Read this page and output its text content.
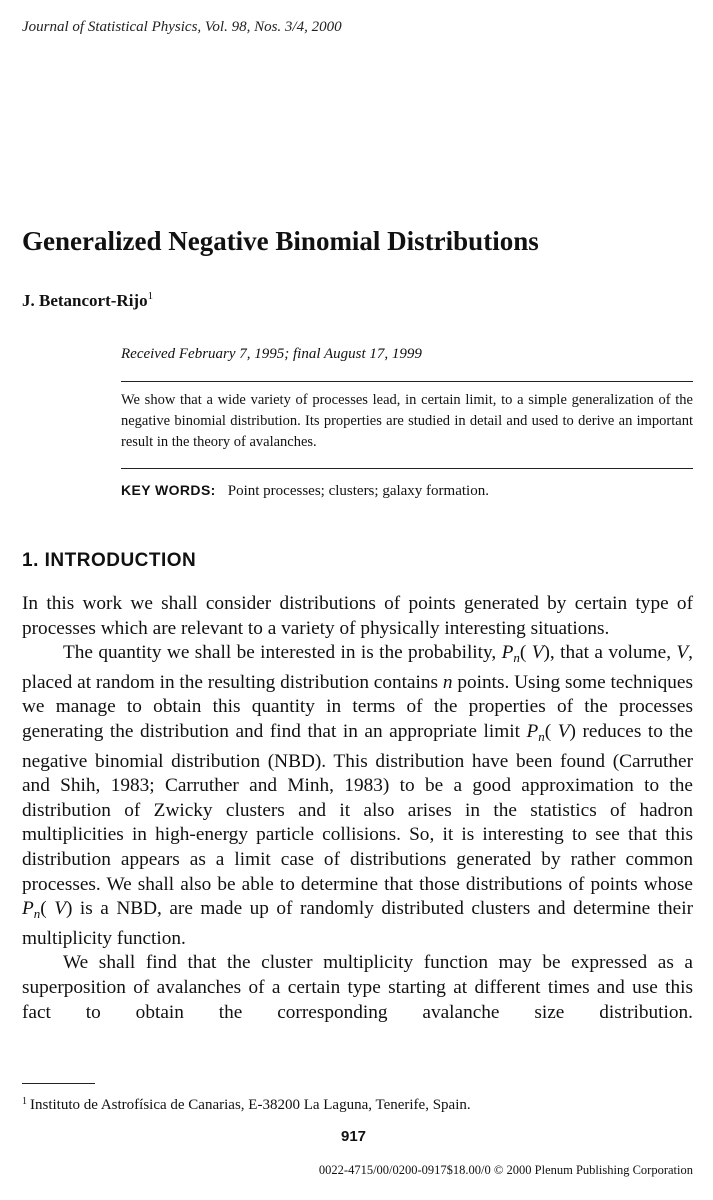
Journal of Statistical Physics, Vol. 98, Nos. 3/4, 2000
Generalized Negative Binomial Distributions
J. Betancort-Rijo$^1$
Received February 7, 1995; final August 17, 1999

We show that a wide variety of processes lead, in certain limit, to a simple generalization of the negative binomial distribution. Its properties are studied in detail and used to derive an important result in the theory of avalanches.

KEY WORDS: Point processes; clusters; galaxy formation.
1. INTRODUCTION

In this work we shall consider distributions of points generated by certain type of processes which are relevant to a variety of physically interesting situations.

The quantity we shall be interested in is the probability, $P_n$( V), that a volume, V, placed at random in the resulting distribution contains n points. Using some techniques we manage to obtain this quantity in terms of the properties of the processes generating the distribution and find that in an appropriate limit $P_n$( V) reduces to the negative binomial distribution (NBD). This distribution have been found (Carruther and Shih, 1983; Carruther and Minh, 1983) to be a good approximation to the distribution of Zwicky clusters and it also arises in the statistics of hadron multiplicities in high-energy particle collisions. So, it is interesting to see that this distribution appears as a limit case of distributions generated by rather common processes. We shall also be able to determine that those distributions of points whose $P_n$( V) is a NBD, are made up of randomly distributed clusters and determine their multiplicity function.

We shall find that the cluster multiplicity function may be expressed as a superposition of avalanches of a certain type starting at different times and use this fact to obtain the corresponding avalanche size distribution.

$^1$ Instituto de Astrofísica de Canarias, E-38200 La Laguna, Tenerife, Spain.
917
0022-4715/00/0200-0917$18.00/0 © 2000 Plenum Publishing Corporation
